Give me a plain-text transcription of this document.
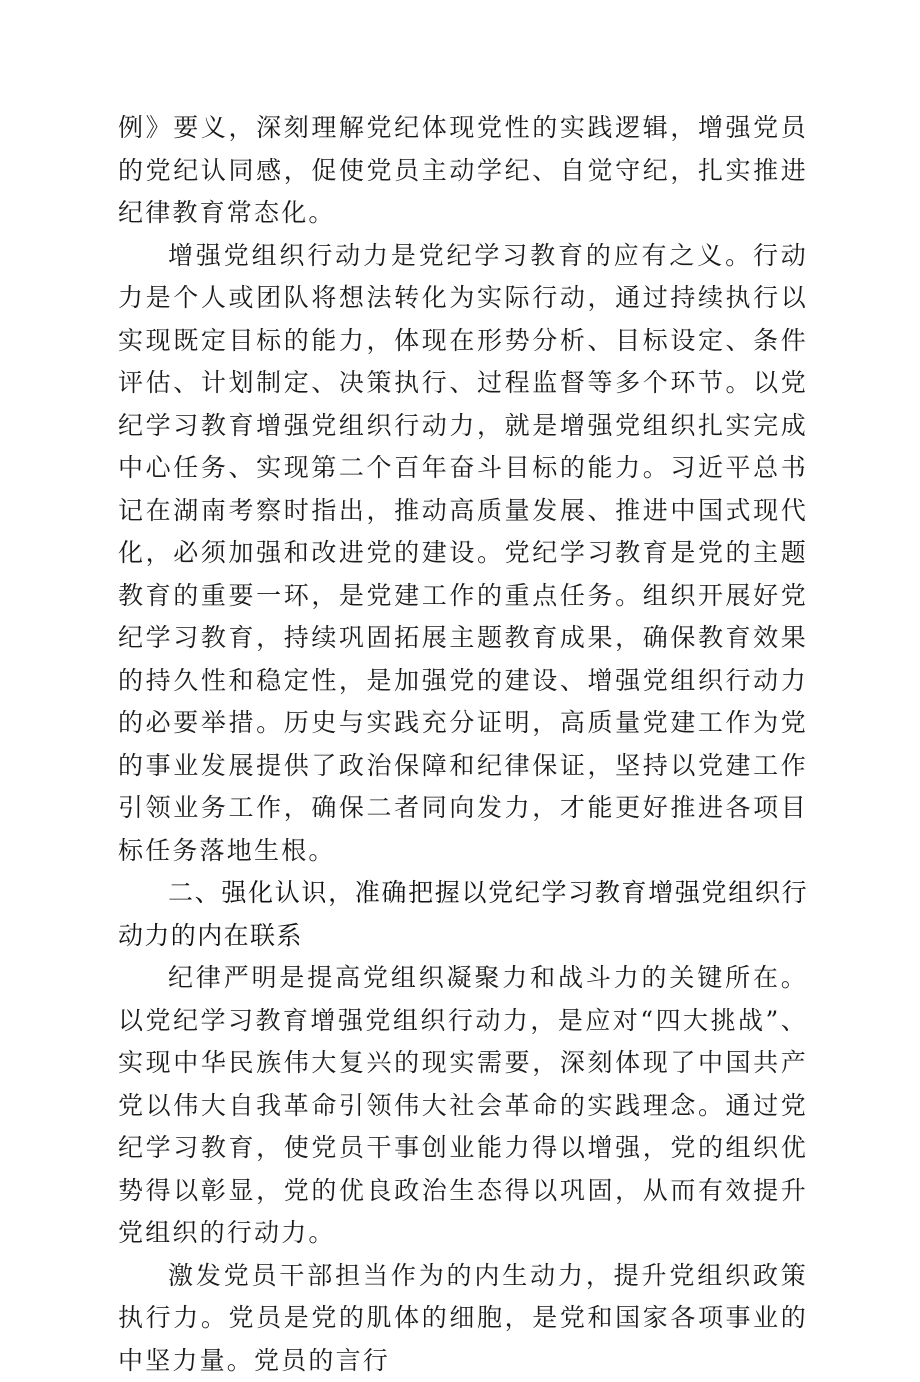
例》要义，深刻理解党纪体现党性的实践逻辑，增强党员的党纪认同感，促使党员主动学纪、自觉守纪，扎实推进纪律教育常态化。

增强党组织行动力是党纪学习教育的应有之义。行动力是个人或团队将想法转化为实际行动，通过持续执行以实现既定目标的能力，体现在形势分析、目标设定、条件评估、计划制定、决策执行、过程监督等多个环节。以党纪学习教育增强党组织行动力，就是增强党组织扎实完成中心任务、实现第二个百年奋斗目标的能力。习近平总书记在湖南考察时指出，推动高质量发展、推进中国式现代化，必须加强和改进党的建设。党纪学习教育是党的主题教育的重要一环，是党建工作的重点任务。组织开展好党纪学习教育，持续巩固拓展主题教育成果，确保教育效果的持久性和稳定性，是加强党的建设、增强党组织行动力的必要举措。历史与实践充分证明，高质量党建工作为党的事业发展提供了政治保障和纪律保证，坚持以党建工作引领业务工作，确保二者同向发力，才能更好推进各项目标任务落地生根。

二、强化认识，准确把握以党纪学习教育增强党组织行动力的内在联系

纪律严明是提高党组织凝聚力和战斗力的关键所在。以党纪学习教育增强党组织行动力，是应对“四大挑战”、实现中华民族伟大复兴的现实需要，深刻体现了中国共产党以伟大自我革命引领伟大社会革命的实践理念。通过党纪学习教育，使党员干事创业能力得以增强，党的组织优势得以彰显，党的优良政治生态得以巩固，从而有效提升党组织的行动力。

激发党员干部担当作为的内生动力，提升党组织政策执行力。党员是党的肌体的细胞，是党和国家各项事业的中坚力量。党员的言行
